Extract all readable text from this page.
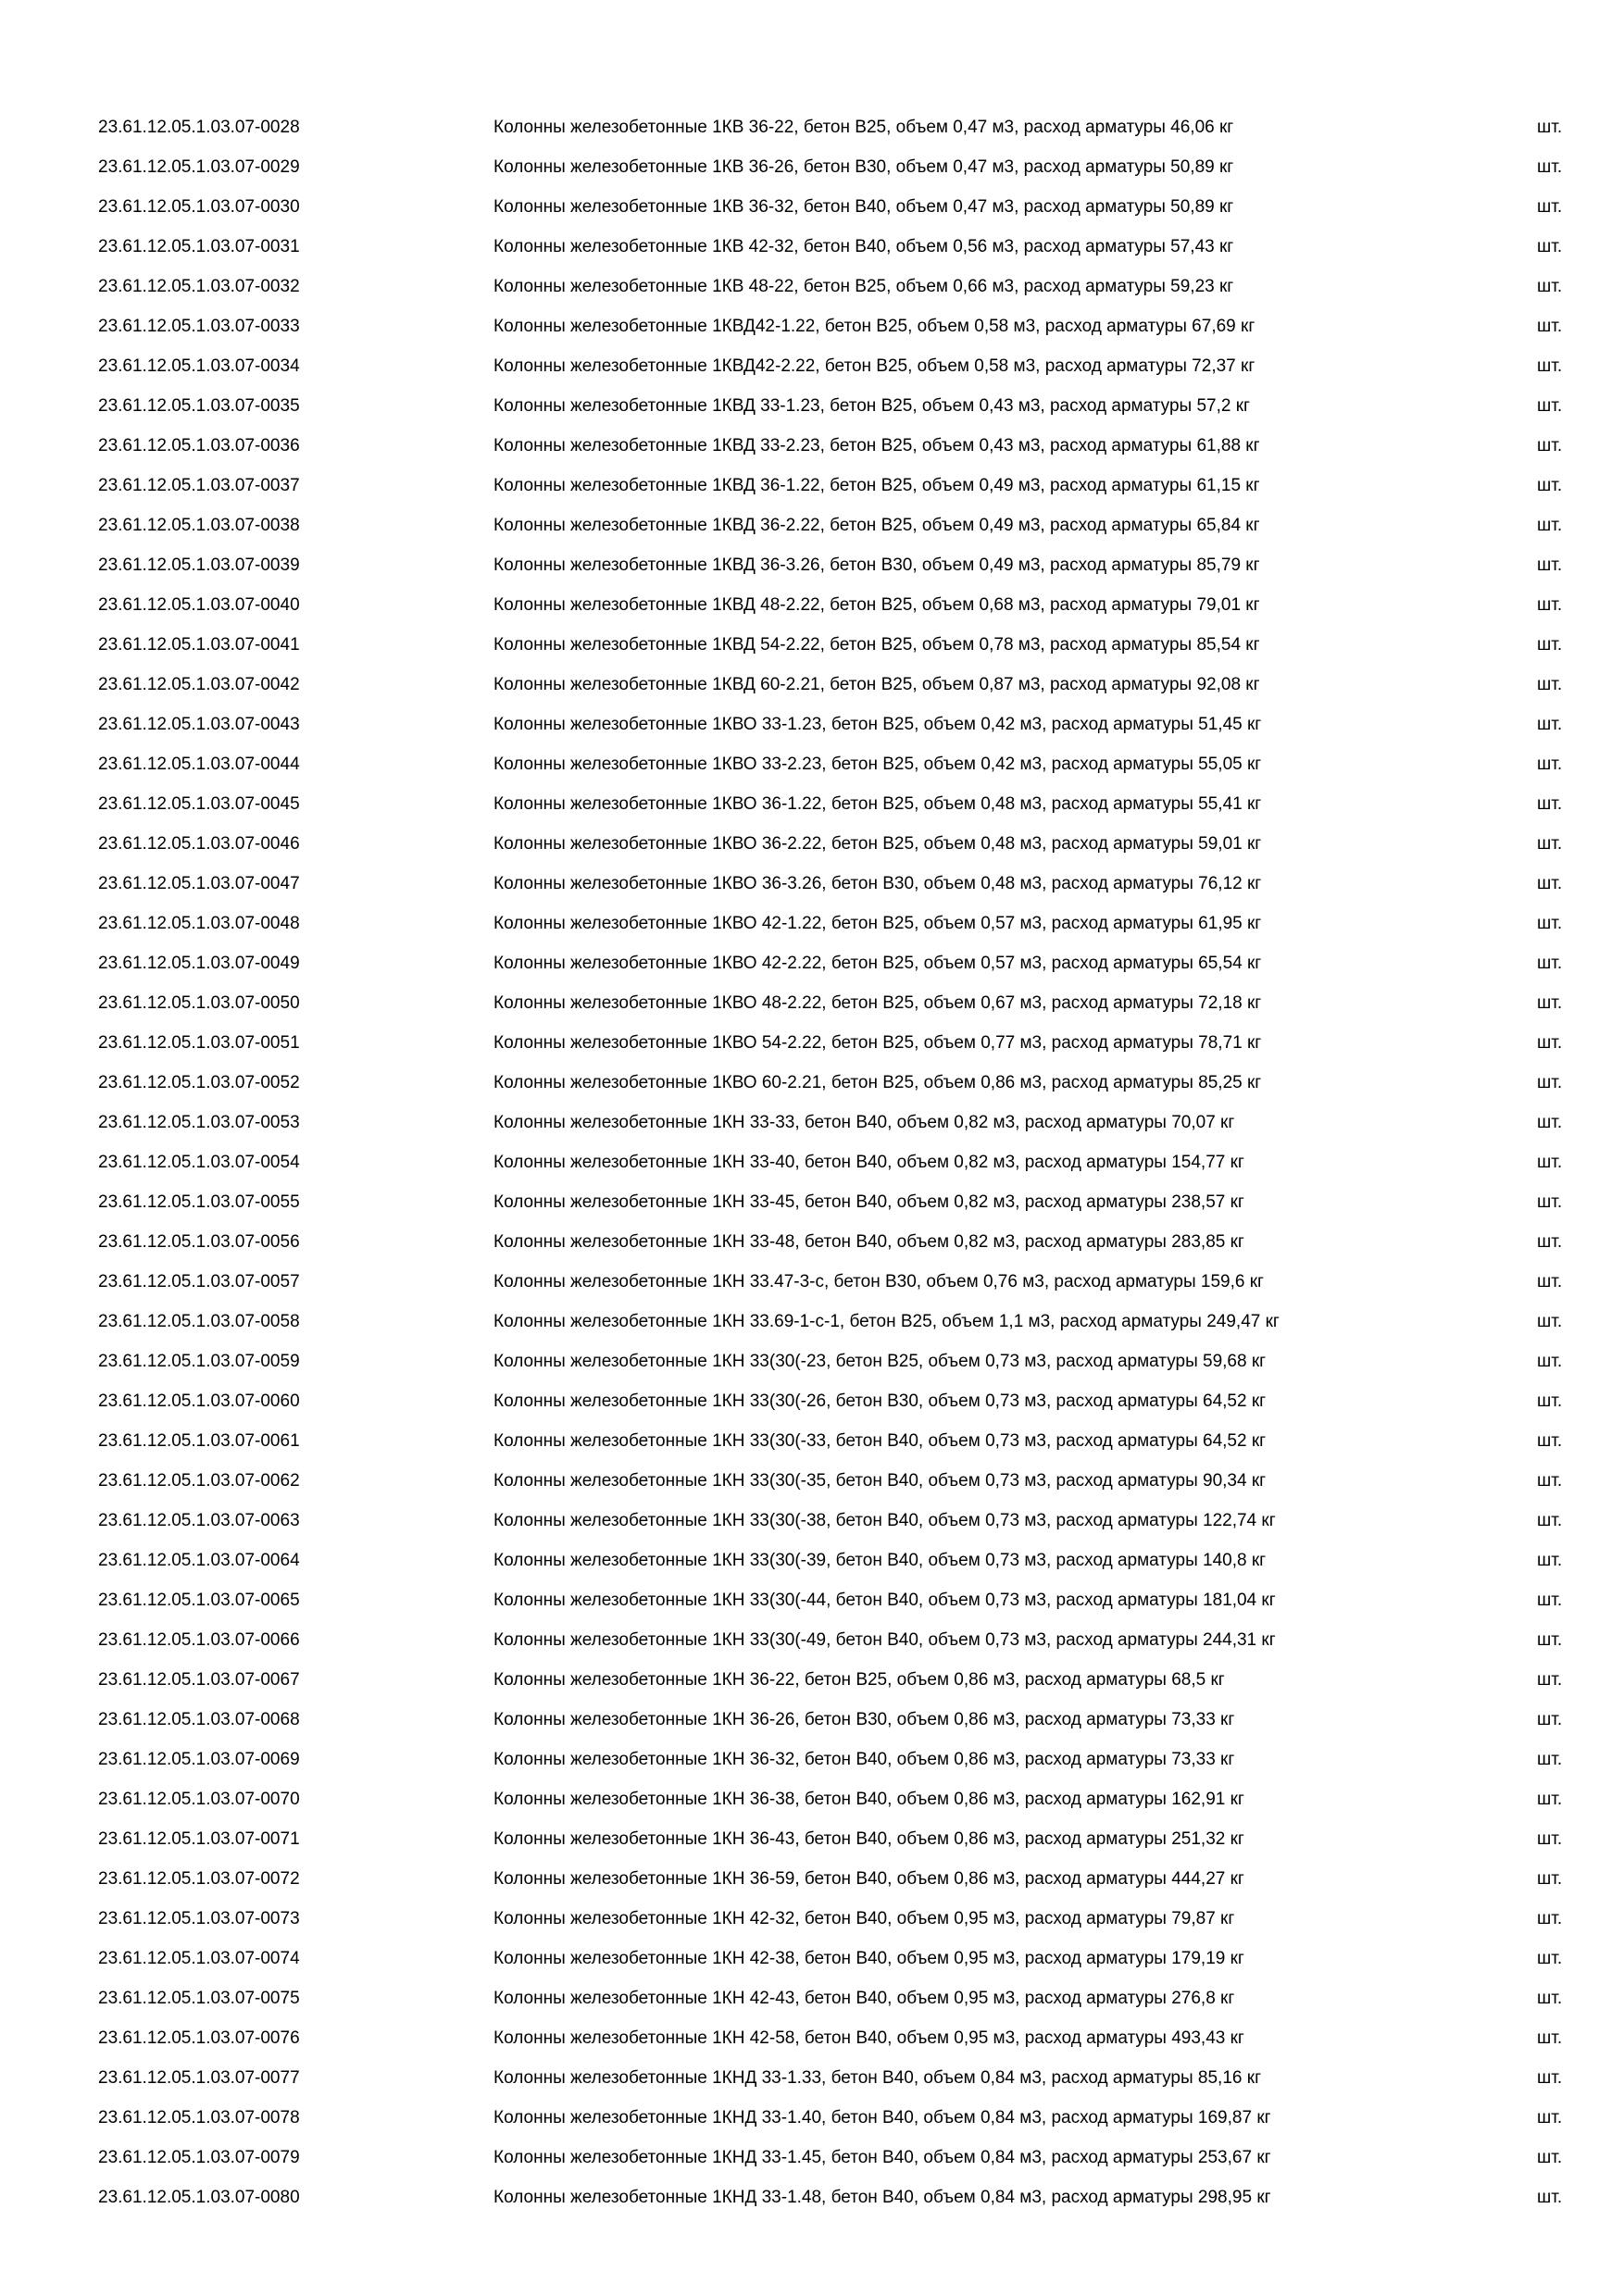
23.61.12.05.1.03.07-0028	Колонны железобетонные 1КВ 36-22, бетон В25, объем 0,47 м3, расход арматуры 46,06 кг	шт.
23.61.12.05.1.03.07-0029	Колонны железобетонные 1КВ 36-26, бетон В30, объем 0,47 м3, расход арматуры 50,89 кг	шт.
23.61.12.05.1.03.07-0030	Колонны железобетонные 1КВ 36-32, бетон В40, объем 0,47 м3, расход арматуры 50,89 кг	шт.
23.61.12.05.1.03.07-0031	Колонны железобетонные 1КВ 42-32, бетон В40, объем 0,56 м3, расход арматуры 57,43 кг	шт.
23.61.12.05.1.03.07-0032	Колонны железобетонные 1КВ 48-22, бетон В25, объем 0,66 м3, расход арматуры 59,23 кг	шт.
23.61.12.05.1.03.07-0033	Колонны железобетонные 1КВД42-1.22, бетон В25, объем 0,58 м3, расход арматуры 67,69 кг	шт.
23.61.12.05.1.03.07-0034	Колонны железобетонные 1КВД42-2.22, бетон В25, объем 0,58 м3, расход арматуры 72,37 кг	шт.
23.61.12.05.1.03.07-0035	Колонны железобетонные 1КВД 33-1.23, бетон В25, объем 0,43 м3, расход арматуры 57,2 кг	шт.
23.61.12.05.1.03.07-0036	Колонны железобетонные 1КВД 33-2.23, бетон В25, объем 0,43 м3, расход арматуры 61,88 кг	шт.
23.61.12.05.1.03.07-0037	Колонны железобетонные 1КВД 36-1.22, бетон В25, объем 0,49 м3, расход арматуры 61,15 кг	шт.
23.61.12.05.1.03.07-0038	Колонны железобетонные 1КВД 36-2.22, бетон В25, объем 0,49 м3, расход арматуры 65,84 кг	шт.
23.61.12.05.1.03.07-0039	Колонны железобетонные 1КВД 36-3.26, бетон В30, объем 0,49 м3, расход арматуры 85,79 кг	шт.
23.61.12.05.1.03.07-0040	Колонны железобетонные 1КВД 48-2.22, бетон В25, объем 0,68 м3, расход арматуры 79,01 кг	шт.
23.61.12.05.1.03.07-0041	Колонны железобетонные 1КВД 54-2.22, бетон В25, объем 0,78 м3, расход арматуры 85,54 кг	шт.
23.61.12.05.1.03.07-0042	Колонны железобетонные 1КВД 60-2.21, бетон В25, объем 0,87 м3, расход арматуры 92,08 кг	шт.
23.61.12.05.1.03.07-0043	Колонны железобетонные 1КВО 33-1.23, бетон В25, объем 0,42 м3, расход арматуры 51,45 кг	шт.
23.61.12.05.1.03.07-0044	Колонны железобетонные 1КВО 33-2.23, бетон В25, объем 0,42 м3, расход арматуры 55,05 кг	шт.
23.61.12.05.1.03.07-0045	Колонны железобетонные 1КВО 36-1.22, бетон В25, объем 0,48 м3, расход арматуры 55,41 кг	шт.
23.61.12.05.1.03.07-0046	Колонны железобетонные 1КВО 36-2.22, бетон В25, объем 0,48 м3, расход арматуры 59,01 кг	шт.
23.61.12.05.1.03.07-0047	Колонны железобетонные 1КВО 36-3.26, бетон В30, объем 0,48 м3, расход арматуры 76,12 кг	шт.
23.61.12.05.1.03.07-0048	Колонны железобетонные 1КВО 42-1.22, бетон В25, объем 0,57 м3, расход арматуры 61,95 кг	шт.
23.61.12.05.1.03.07-0049	Колонны железобетонные 1КВО 42-2.22, бетон В25, объем 0,57 м3, расход арматуры 65,54 кг	шт.
23.61.12.05.1.03.07-0050	Колонны железобетонные 1КВО 48-2.22, бетон В25, объем 0,67 м3, расход арматуры 72,18 кг	шт.
23.61.12.05.1.03.07-0051	Колонны железобетонные 1КВО 54-2.22, бетон В25, объем 0,77 м3, расход арматуры 78,71 кг	шт.
23.61.12.05.1.03.07-0052	Колонны железобетонные 1КВО 60-2.21, бетон В25, объем 0,86 м3, расход арматуры 85,25 кг	шт.
23.61.12.05.1.03.07-0053	Колонны железобетонные 1КН 33-33, бетон В40, объем 0,82 м3, расход арматуры 70,07 кг	шт.
23.61.12.05.1.03.07-0054	Колонны железобетонные 1КН 33-40, бетон В40, объем 0,82 м3, расход арматуры 154,77 кг	шт.
23.61.12.05.1.03.07-0055	Колонны железобетонные 1КН 33-45, бетон В40, объем 0,82 м3, расход арматуры 238,57 кг	шт.
23.61.12.05.1.03.07-0056	Колонны железобетонные 1КН 33-48, бетон В40, объем 0,82 м3, расход арматуры 283,85 кг	шт.
23.61.12.05.1.03.07-0057	Колонны железобетонные 1КН 33.47-3-с, бетон В30, объем 0,76 м3, расход арматуры 159,6 кг	шт.
23.61.12.05.1.03.07-0058	Колонны железобетонные 1КН 33.69-1-с-1, бетон В25, объем 1,1 м3, расход арматуры 249,47 кг	шт.
23.61.12.05.1.03.07-0059	Колонны железобетонные 1КН 33(30(-23, бетон В25, объем 0,73 м3, расход арматуры 59,68 кг	шт.
23.61.12.05.1.03.07-0060	Колонны железобетонные 1КН 33(30(-26, бетон В30, объем 0,73 м3, расход арматуры 64,52 кг	шт.
23.61.12.05.1.03.07-0061	Колонны железобетонные 1КН 33(30(-33, бетон В40, объем 0,73 м3, расход арматуры 64,52 кг	шт.
23.61.12.05.1.03.07-0062	Колонны железобетонные 1КН 33(30(-35, бетон В40, объем 0,73 м3, расход арматуры 90,34 кг	шт.
23.61.12.05.1.03.07-0063	Колонны железобетонные 1КН 33(30(-38, бетон В40, объем 0,73 м3, расход арматуры 122,74 кг	шт.
23.61.12.05.1.03.07-0064	Колонны железобетонные 1КН 33(30(-39, бетон В40, объем 0,73 м3, расход арматуры 140,8 кг	шт.
23.61.12.05.1.03.07-0065	Колонны железобетонные 1КН 33(30(-44, бетон В40, объем 0,73 м3, расход арматуры 181,04 кг	шт.
23.61.12.05.1.03.07-0066	Колонны железобетонные 1КН 33(30(-49, бетон В40, объем 0,73 м3, расход арматуры 244,31 кг	шт.
23.61.12.05.1.03.07-0067	Колонны железобетонные 1КН 36-22, бетон В25, объем 0,86 м3, расход арматуры 68,5 кг	шт.
23.61.12.05.1.03.07-0068	Колонны железобетонные 1КН 36-26, бетон В30, объем 0,86 м3, расход арматуры 73,33 кг	шт.
23.61.12.05.1.03.07-0069	Колонны железобетонные 1КН 36-32, бетон В40, объем 0,86 м3, расход арматуры 73,33 кг	шт.
23.61.12.05.1.03.07-0070	Колонны железобетонные 1КН 36-38, бетон В40, объем 0,86 м3, расход арматуры 162,91 кг	шт.
23.61.12.05.1.03.07-0071	Колонны железобетонные 1КН 36-43, бетон В40, объем 0,86 м3, расход арматуры 251,32 кг	шт.
23.61.12.05.1.03.07-0072	Колонны железобетонные 1КН 36-59, бетон В40, объем 0,86 м3, расход арматуры 444,27 кг	шт.
23.61.12.05.1.03.07-0073	Колонны железобетонные 1КН 42-32, бетон В40, объем 0,95 м3, расход арматуры 79,87 кг	шт.
23.61.12.05.1.03.07-0074	Колонны железобетонные 1КН 42-38, бетон В40, объем 0,95 м3, расход арматуры 179,19 кг	шт.
23.61.12.05.1.03.07-0075	Колонны железобетонные 1КН 42-43, бетон В40, объем 0,95 м3, расход арматуры 276,8 кг	шт.
23.61.12.05.1.03.07-0076	Колонны железобетонные 1КН 42-58, бетон В40, объем 0,95 м3, расход арматуры 493,43 кг	шт.
23.61.12.05.1.03.07-0077	Колонны железобетонные 1КНД 33-1.33, бетон В40, объем 0,84 м3, расход арматуры 85,16 кг	шт.
23.61.12.05.1.03.07-0078	Колонны железобетонные 1КНД 33-1.40, бетон В40, объем 0,84 м3, расход арматуры 169,87 кг	шт.
23.61.12.05.1.03.07-0079	Колонны железобетонные 1КНД 33-1.45, бетон В40, объем 0,84 м3, расход арматуры 253,67 кг	шт.
23.61.12.05.1.03.07-0080	Колонны железобетонные 1КНД 33-1.48, бетон В40, объем 0,84 м3, расход арматуры 298,95 кг	шт.
